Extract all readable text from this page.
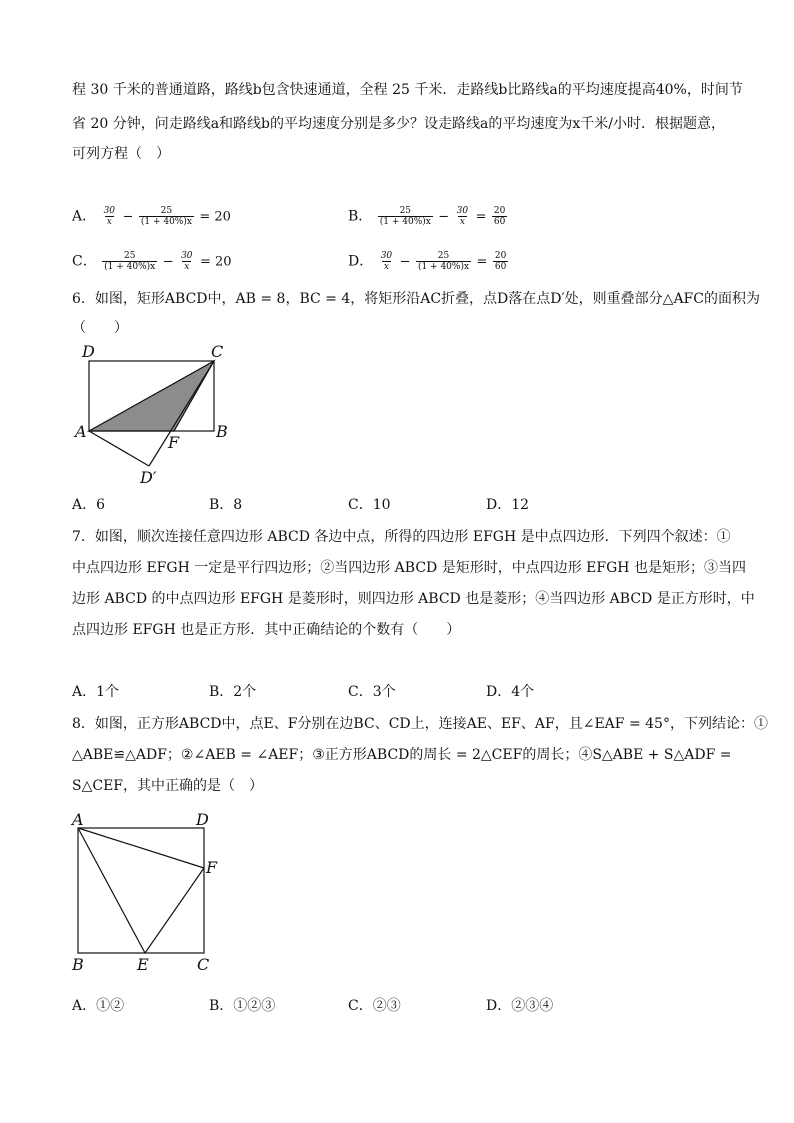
程 30 千米的普通道路，路线b包含快速通道，全程 25 千米．走路线b比路线a的平均速度提高40%，时间节
省 20 分钟，问走路线a和路线b的平均速度分别是多少？设走路线a的平均速度为x千米/小时．根据题意，
可列方程（　）
A． $\frac{30}{x} - \frac{25}{(1 + 40\%)x} = 20$	B． $\frac{25}{(1 + 40\%)x} - \frac{30}{x} = \frac{20}{60}$
C． $\frac{25}{(1 + 40\%)x} - \frac{30}{x} = 20$	D． $\frac{30}{x} - \frac{25}{(1 + 40\%)x} = \frac{20}{60}$
6．如图，矩形ABCD中，AB = 8，BC = 4，将矩形沿AC折叠，点D落在点D′处，则重叠部分△AFC的面积为
（　　）
D	C
A
F
B
D′
A．6	B．8	C．10	D．12
7．如图，顺次连接任意四边形 ABCD 各边中点，所得的四边形 EFGH 是中点四边形．下列四个叙述：①
中点四边形 EFGH 一定是平行四边形；②当四边形 ABCD 是矩形时，中点四边形 EFGH 也是矩形；③当四
边形 ABCD 的中点四边形 EFGH 是菱形时，则四边形 ABCD 也是菱形；④当四边形 ABCD 是正方形时，中
点四边形 EFGH 也是正方形．其中正确结论的个数有（　　）
A．1个	B．2个	C．3个	D．4个
8．如图，正方形ABCD中，点E、F分别在边BC、CD上，连接AE、EF、AF，且∠EAF = 45°，下列结论：①
△ABE≌△ADF；②∠AEB = ∠AEF；③正方形ABCD的周长 = 2△CEF的周长；④S△ABE + S△ADF =
S△CEF，其中正确的是（　）
A	D
F
B	E	C
A．①②	B．①②③	C．②③	D．②③④
